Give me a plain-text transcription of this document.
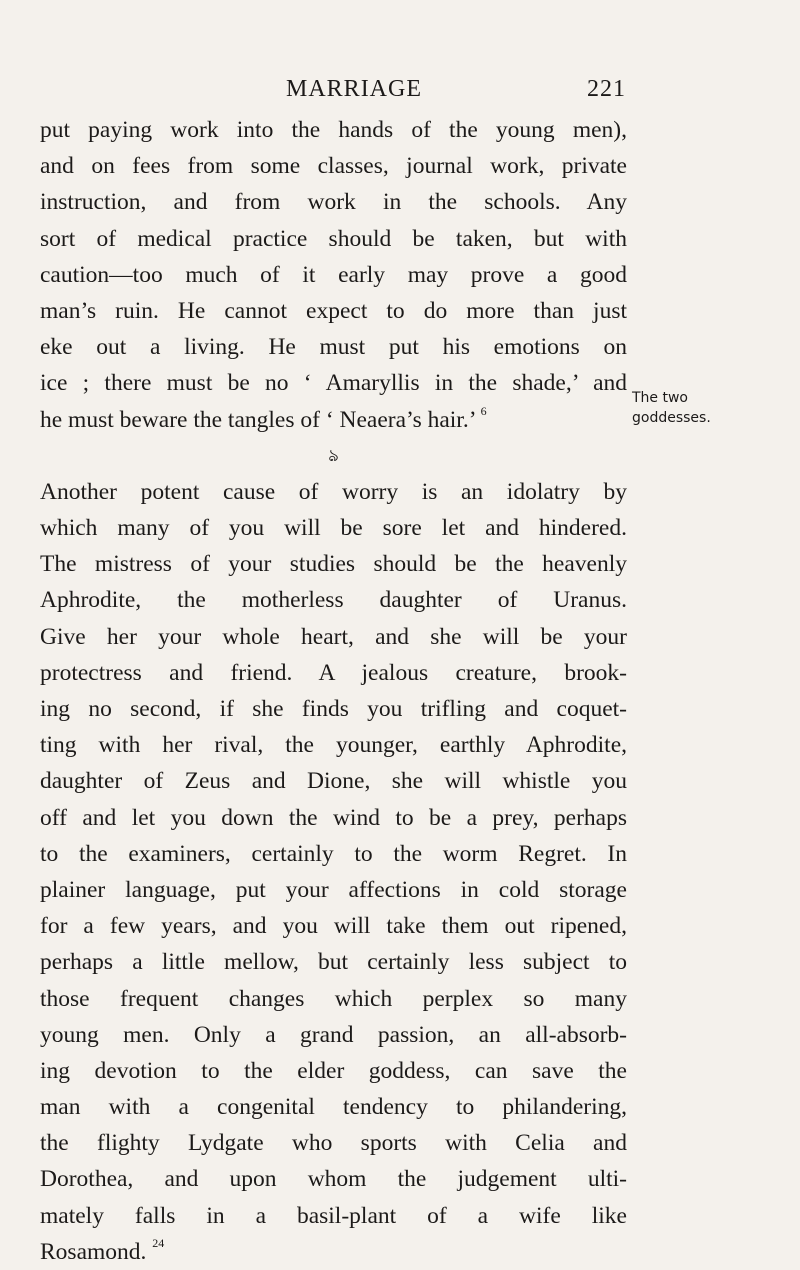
MARRIAGE	221
put paying work into the hands of the young men),
and on fees from some classes, journal work, private
instruction, and from work in the schools. Any
sort of medical practice should be taken, but with
caution—too much of it early may prove a good
man’s ruin. He cannot expect to do more than just
eke out a living. He must put his emotions on
ice ; there must be no ‘ Amaryllis in the shade,’ and
he must beware the tangles of ‘ Neaera’s hair.’ $^6$
ঌ
Another potent cause of worry is an idolatry by
which many of you will be sore let and hindered.
The mistress of your studies should be the heavenly
Aphrodite, the motherless daughter of Uranus.
Give her your whole heart, and she will be your
protectress and friend. A jealous creature, brook-
ing no second, if she finds you trifling and coquet-
ting with her rival, the younger, earthly Aphrodite,
daughter of Zeus and Dione, she will whistle you
off and let you down the wind to be a prey, perhaps
to the examiners, certainly to the worm Regret. In
plainer language, put your affections in cold storage
for a few years, and you will take them out ripened,
perhaps a little mellow, but certainly less subject to
those frequent changes which perplex so many
young men. Only a grand passion, an all-absorb-
ing devotion to the elder goddess, can save the
man with a congenital tendency to philandering,
the flighty Lydgate who sports with Celia and
Dorothea, and upon whom the judgement ulti-
mately falls in a basil-plant of a wife like
Rosamond. $^{24}$
The two
goddesses.
